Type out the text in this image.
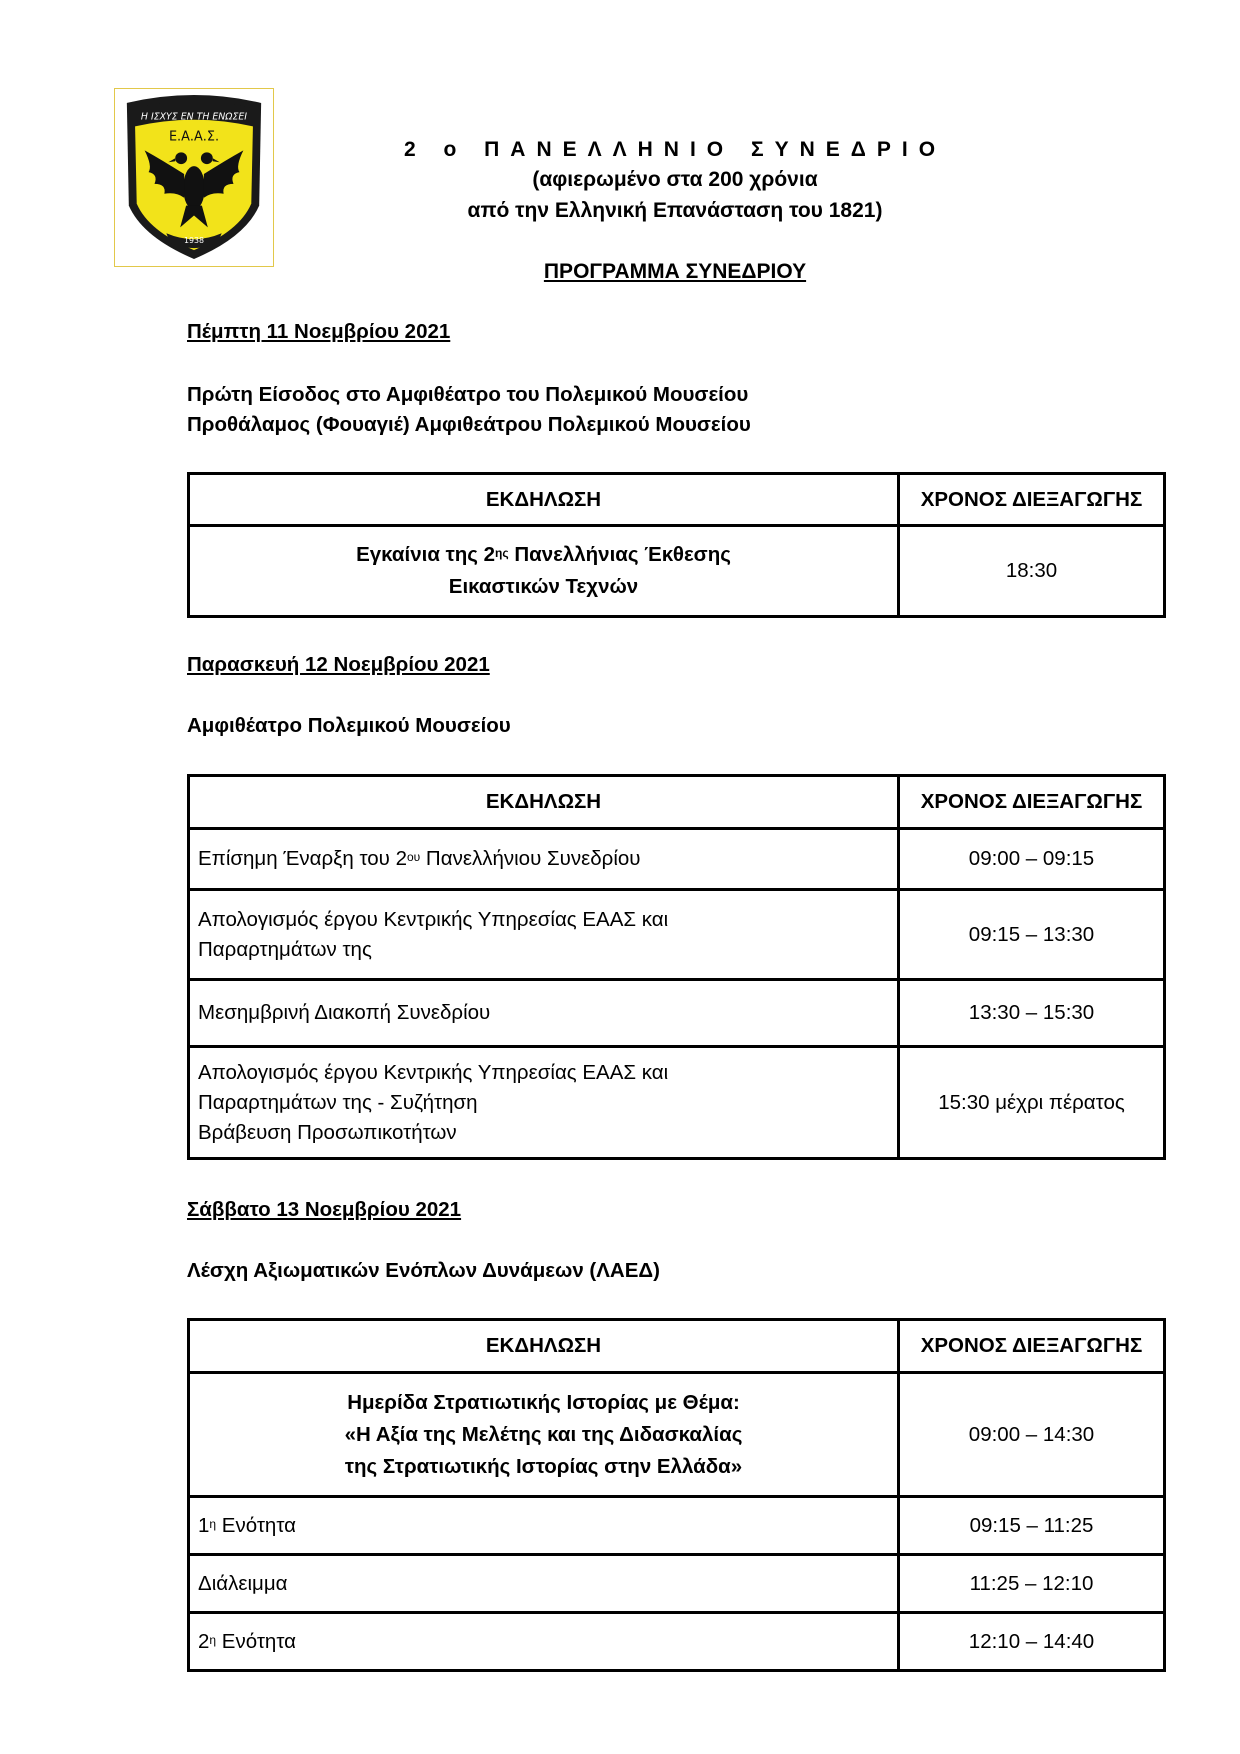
Η ΙΣΧΥΣ ΕΝ ΤΗ ΕΝΩΣΕΙ
Ε.Α.Α.Σ.
1938
2 ο ΠΑΝΕΛΛΗΝΙΟ ΣΥΝΕΔΡΙΟ
(αφιερωμένο στα 200 χρόνια
από την Ελληνική Επανάσταση του 1821)
ΠΡΟΓΡΑΜΜΑ ΣΥΝΕΔΡΙΟΥ
Πέμπτη 11 Νοεμβρίου 2021
Πρώτη Είσοδος στο Αμφιθέατρο του Πολεμικού Μουσείου
Προθάλαμος (Φουαγιέ) Αμφιθεάτρου Πολεμικού Μουσείου
ΕΚΔΗΛΩΣΗ	ΧΡΟΝΟΣ ΔΙΕΞΑΓΩΓΗΣ

Εγκαίνια της $2^{\eta\varsigma}$ Πανελλήνιας Έκθεσης
Εικαστικών Τεχνών	18:30
Παρασκευή 12 Νοεμβρίου 2021
Αμφιθέατρο Πολεμικού Μουσείου
ΕΚΔΗΛΩΣΗ	ΧΡΟΝΟΣ ΔΙΕΞΑΓΩΓΗΣ
Επίσημη Έναρξη του $2^{o\upsilon}$ Πανελλήνιου Συνεδρίου	09:00 – 09:15

Απολογισμός έργου Κεντρικής Υπηρεσίας ΕΑΑΣ και
Παραρτημάτων της	09:15 – 13:30
Μεσημβρινή Διακοπή Συνεδρίου	13:30 – 15:30

Απολογισμός έργου Κεντρικής Υπηρεσίας ΕΑΑΣ και
Παραρτημάτων της - Συζήτηση
Βράβευση Προσωπικοτήτων	15:30 μέχρι πέρατος
Σάββατο 13 Νοεμβρίου 2021
Λέσχη Αξιωματικών Ενόπλων Δυνάμεων (ΛΑΕΔ)
ΕΚΔΗΛΩΣΗ	ΧΡΟΝΟΣ ΔΙΕΞΑΓΩΓΗΣ

Ημερίδα Στρατιωτικής Ιστορίας με Θέμα:
«Η Αξία της Μελέτης και της Διδασκαλίας
της Στρατιωτικής Ιστορίας στην Ελλάδα»	09:00 – 14:30
$1^\eta$ Ενότητα	09:15 – 11:25
Διάλειμμα	11:25 – 12:10
$2^\eta$ Ενότητα	12:10 – 14:40
